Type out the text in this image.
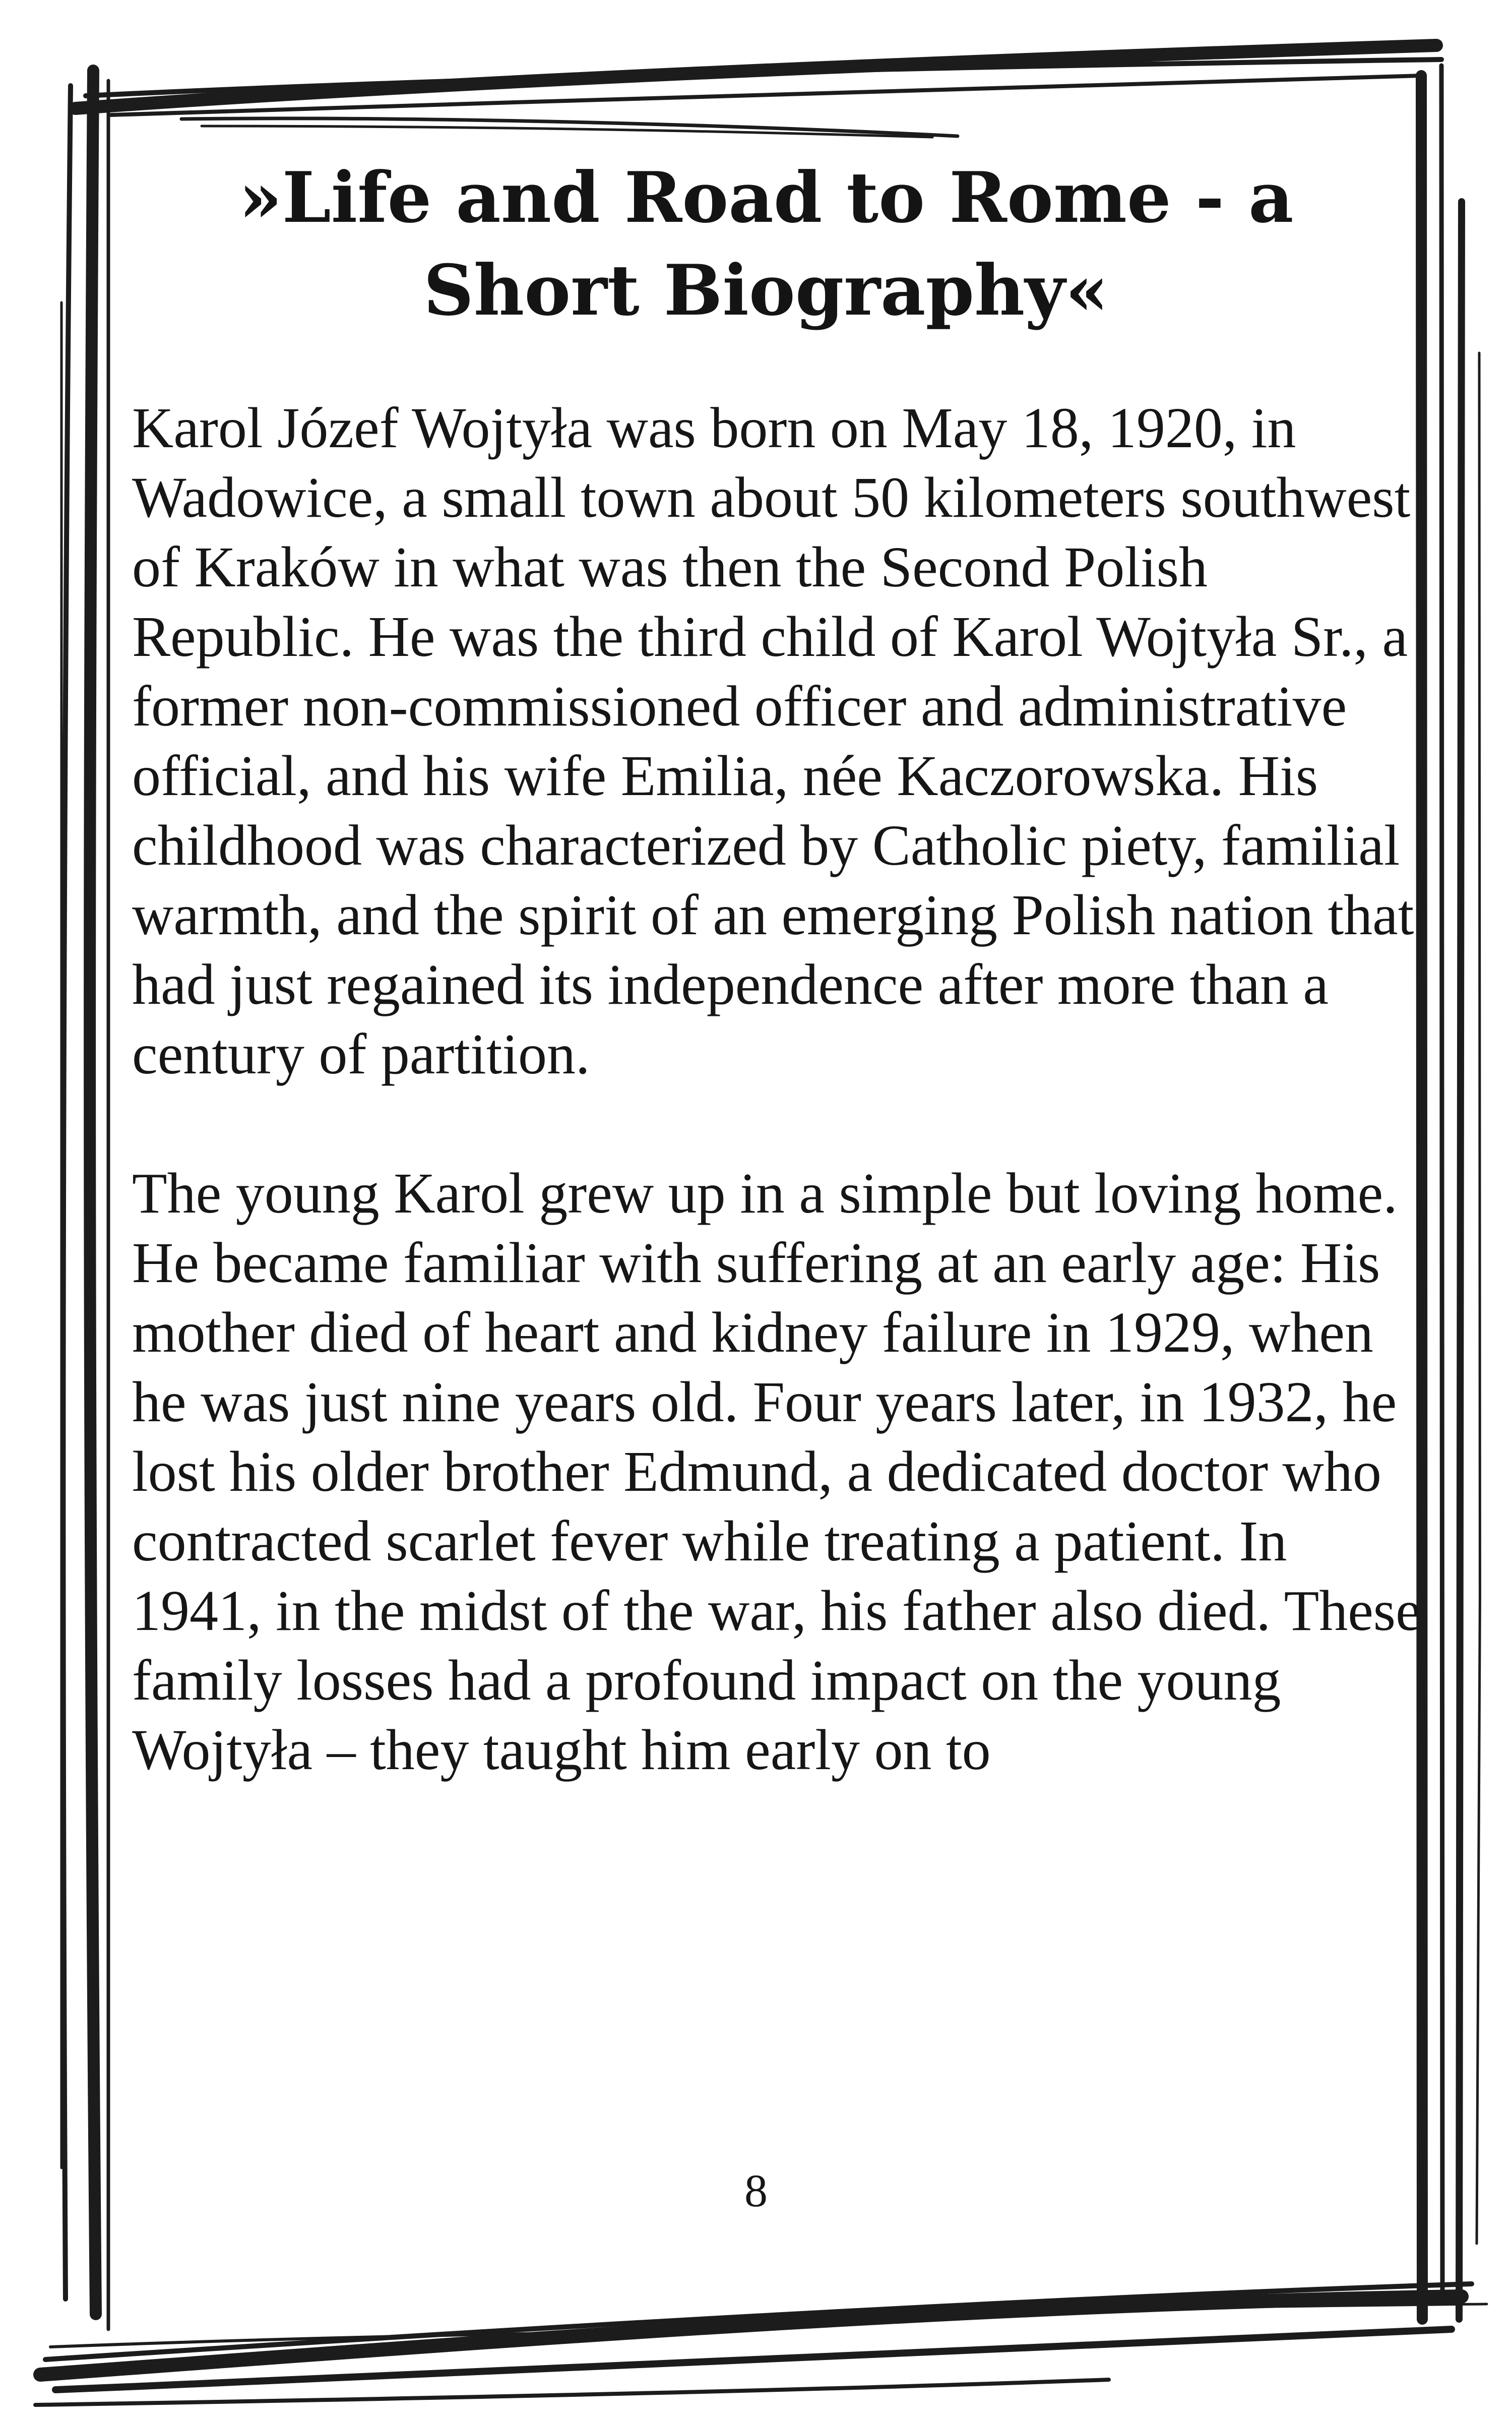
»Life and Road to Rome - a Short Biography«

Karol Józef Wojtyła was born on May 18, 1920, in Wadowice, a small town about 50 kilometers southwest of Kraków in what was then the Second Polish Republic. He was the third child of Karol Wojtyła Sr., a former non-commissioned officer and administrative official, and his wife Emilia, née Kaczorowska. His childhood was characterized by Catholic piety, familial warmth, and the spirit of an emerging Polish nation that had just regained its independence after more than a century of partition.

The young Karol grew up in a simple but loving home. He became familiar with suffering at an early age: His mother died of heart and kidney failure in 1929, when he was just nine years old. Four years later, in 1932, he lost his older brother Edmund, a dedicated doctor who contracted scarlet fever while treating a patient. In 1941, in the midst of the war, his father also died. These family losses had a profound impact on the young Wojtyła – they taught him early on to

8
